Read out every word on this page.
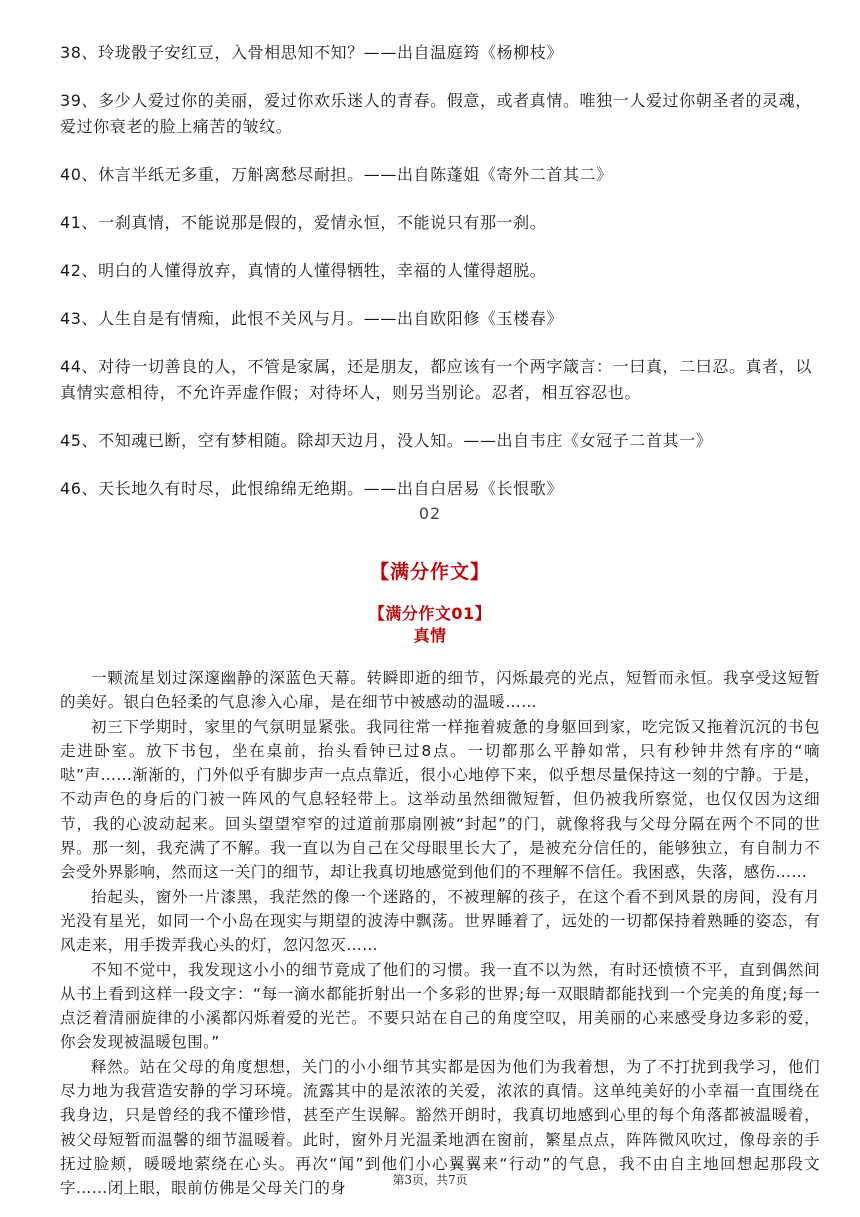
38、玲珑骰子安红豆，入骨相思知不知？——出自温庭筠《杨柳枝》

39、多少人爱过你的美丽，爱过你欢乐迷人的青春。假意，或者真情。唯独一人爱过你朝圣者的灵魂，爱过你衰老的脸上痛苦的皱纹。

40、休言半纸无多重，万斛离愁尽耐担。——出自陈蓬姐《寄外二首其二》

41、一刹真情，不能说那是假的，爱情永恒，不能说只有那一刹。

42、明白的人懂得放弃，真情的人懂得牺牲，幸福的人懂得超脱。

43、人生自是有情痴，此恨不关风与月。——出自欧阳修《玉楼春》

44、对待一切善良的人，不管是家属，还是朋友，都应该有一个两字箴言：一曰真，二曰忍。真者，以真情实意相待，不允许弄虚作假；对待坏人，则另当别论。忍者，相互容忍也。

45、不知魂已断，空有梦相随。除却天边月，没人知。——出自韦庄《女冠子二首其一》

46、天长地久有时尽，此恨绵绵无绝期。——出自白居易《长恨歌》

02
【满分作文】
【满分作文01】
真情

一颗流星划过深邃幽静的深蓝色天幕。转瞬即逝的细节，闪烁最亮的光点，短暂而永恒。我享受这短暂的美好。银白色轻柔的气息渗入心扉，是在细节中被感动的温暖……

初三下学期时，家里的气氛明显紧张。我同往常一样拖着疲惫的身躯回到家，吃完饭又拖着沉沉的书包走进卧室。放下书包，坐在桌前，抬头看钟已过8点。一切都那么平静如常，只有秒钟井然有序的“嘀哒”声……渐渐的，门外似乎有脚步声一点点靠近，很小心地停下来，似乎想尽量保持这一刻的宁静。于是，不动声色的身后的门被一阵风的气息轻轻带上。这举动虽然细微短暂，但仍被我所察觉，也仅仅因为这细节，我的心波动起来。回头望望窄窄的过道前那扇刚被“封起”的门，就像将我与父母分隔在两个不同的世界。那一刻，我充满了不解。我一直以为自己在父母眼里长大了，是被充分信任的，能够独立，有自制力不会受外界影响，然而这一关门的细节，却让我真切地感觉到他们的不理解不信任。我困惑，失落，感伤……

抬起头，窗外一片漆黑，我茫然的像一个迷路的，不被理解的孩子，在这个看不到风景的房间，没有月光没有星光，如同一个小岛在现实与期望的波涛中飘荡。世界睡着了，远处的一切都保持着熟睡的姿态，有风走来，用手拨弄我心头的灯，忽闪忽灭……

不知不觉中，我发现这小小的细节竟成了他们的习惯。我一直不以为然，有时还愤愤不平，直到偶然间从书上看到这样一段文字：“每一滴水都能折射出一个多彩的世界;每一双眼睛都能找到一个完美的角度;每一点泛着清丽旋律的小溪都闪烁着爱的光芒。不要只站在自己的角度空叹，用美丽的心来感受身边多彩的爱，你会发现被温暖包围。”

释然。站在父母的角度想想，关门的小小细节其实都是因为他们为我着想，为了不打扰到我学习，他们尽力地为我营造安静的学习环境。流露其中的是浓浓的关爱，浓浓的真情。这单纯美好的小幸福一直围绕在我身边，只是曾经的我不懂珍惜，甚至产生误解。豁然开朗时，我真切地感到心里的每个角落都被温暖着，被父母短暂而温馨的细节温暖着。此时，窗外月光温柔地洒在窗前，繁星点点，阵阵微风吹过，像母亲的手抚过脸颊，暖暖地萦绕在心头。再次“闻”到他们小心翼翼来“行动”的气息，我不由自主地回想起那段文字……闭上眼，眼前仿佛是父母关门的身	第3页，共7页
